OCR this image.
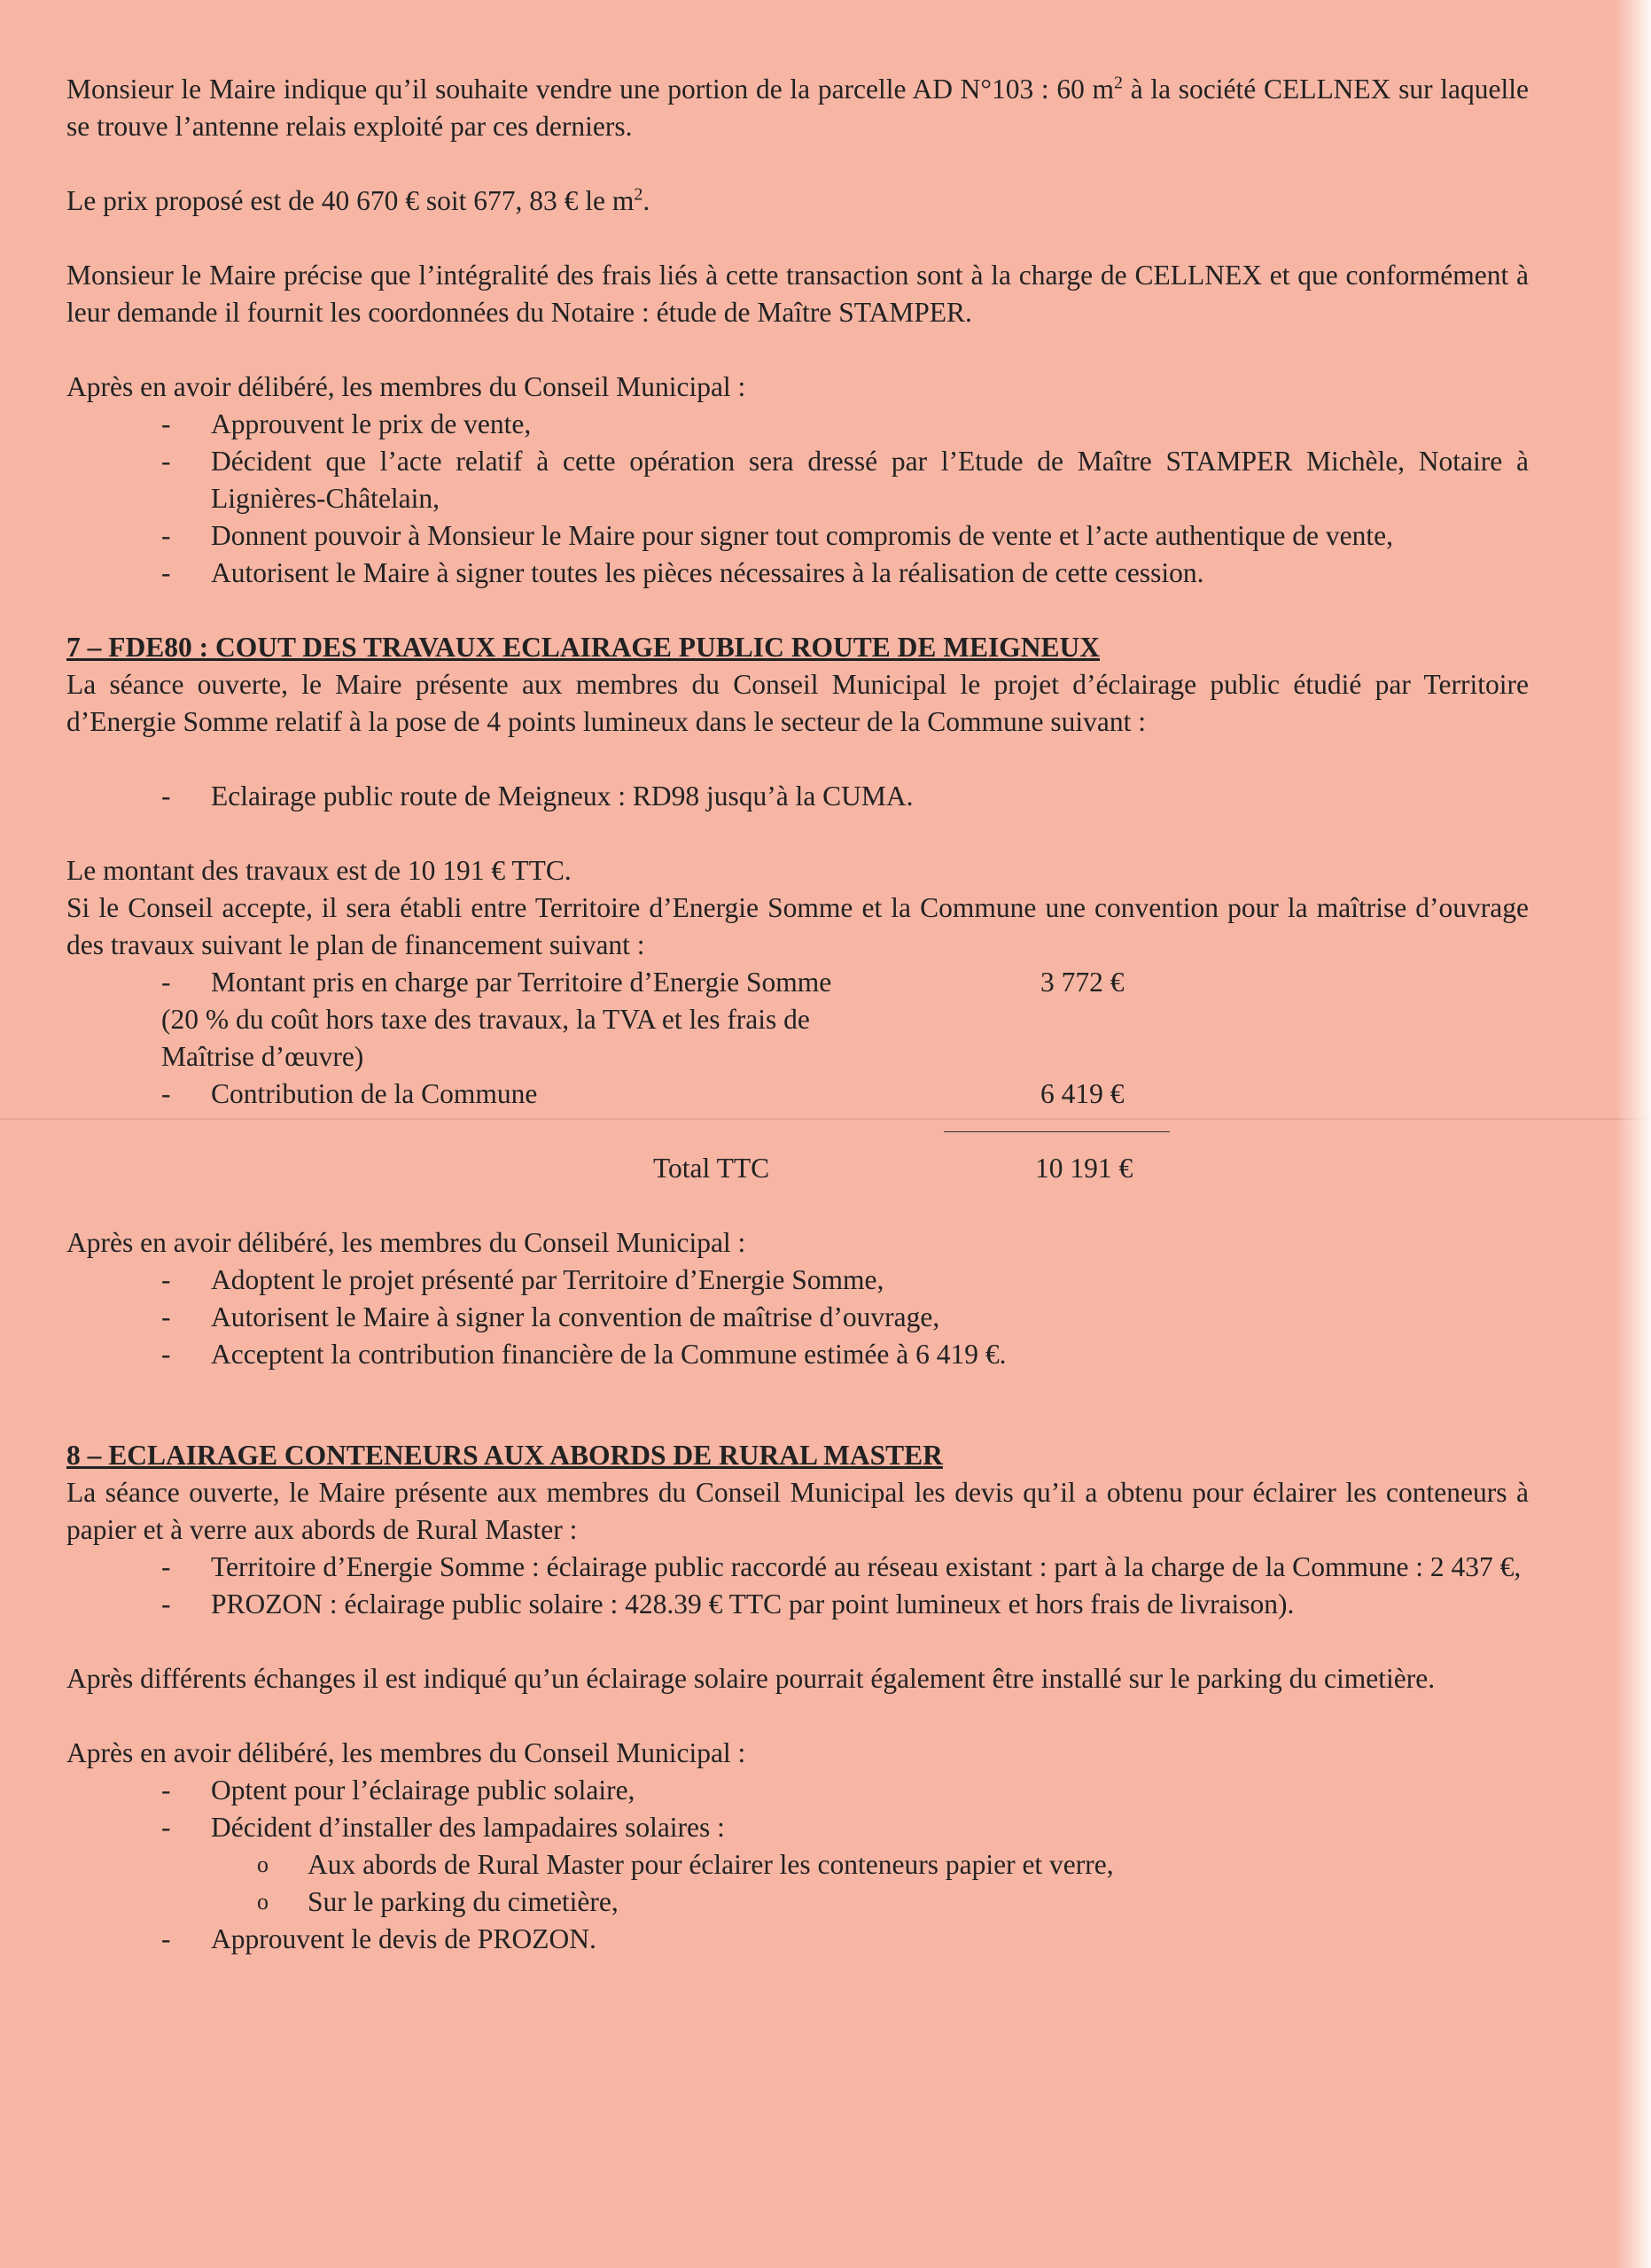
Monsieur le Maire indique qu’il souhaite vendre une portion de la parcelle AD N°103 : 60 $m^2$ à la société CELLNEX sur laquelle se trouve l’antenne relais exploité par ces derniers.

Le prix proposé est de 40 670 € soit 677, 83 € le $m^2$.

Monsieur le Maire précise que l’intégralité des frais liés à cette transaction sont à la charge de CELLNEX et que conformément à leur demande il fournit les coordonnées du Notaire : étude de Maître STAMPER.

Après en avoir délibéré, les membres du Conseil Municipal :

- Approuvent le prix de vente,
- Décident que l’acte relatif à cette opération sera dressé par l’Etude de Maître STAMPER Michèle, Notaire à Lignières-Châtelain,
- Donnent pouvoir à Monsieur le Maire pour signer tout compromis de vente et l’acte authentique de vente,
- Autorisent le Maire à signer toutes les pièces nécessaires à la réalisation de cette cession.

7 – FDE80 : COUT DES TRAVAUX ECLAIRAGE PUBLIC ROUTE DE MEIGNEUX

La séance ouverte, le Maire présente aux membres du Conseil Municipal le projet d’éclairage public étudié par Territoire d’Energie Somme relatif à la pose de 4 points lumineux dans le secteur de la Commune suivant :

- Eclairage public route de Meigneux : RD98 jusqu’à la CUMA.

Le montant des travaux est de 10 191 € TTC.

Si le Conseil accepte, il sera établi entre Territoire d’Energie Somme et la Commune une convention pour la maîtrise d’ouvrage des travaux suivant le plan de financement suivant :

- Montant pris en charge par Territoire d’Energie Somme	3 772 €
(20 % du coût hors taxe des travaux, la TVA et les frais de
Maîtrise d’œuvre)
- Contribution de la Commune	6 419 €
Total TTC	10 191 €

Après en avoir délibéré, les membres du Conseil Municipal :

- Adoptent le projet présenté par Territoire d’Energie Somme,
- Autorisent le Maire à signer la convention de maîtrise d’ouvrage,
- Acceptent la contribution financière de la Commune estimée à 6 419 €.

8 – ECLAIRAGE CONTENEURS AUX ABORDS DE RURAL MASTER

La séance ouverte, le Maire présente aux membres du Conseil Municipal les devis qu’il a obtenu pour éclairer les conteneurs à papier et à verre aux abords de Rural Master :

- Territoire d’Energie Somme : éclairage public raccordé au réseau existant : part à la charge de la Commune : 2 437 €,
- PROZON : éclairage public solaire : 428.39 € TTC par point lumineux et hors frais de livraison).

Après différents échanges il est indiqué qu’un éclairage solaire pourrait également être installé sur le parking du cimetière.

Après en avoir délibéré, les membres du Conseil Municipal :

- Optent pour l’éclairage public solaire,
- Décident d’installer des lampadaires solaires :
o Aux abords de Rural Master pour éclairer les conteneurs papier et verre,
o Sur le parking du cimetière,
- Approuvent le devis de PROZON.
